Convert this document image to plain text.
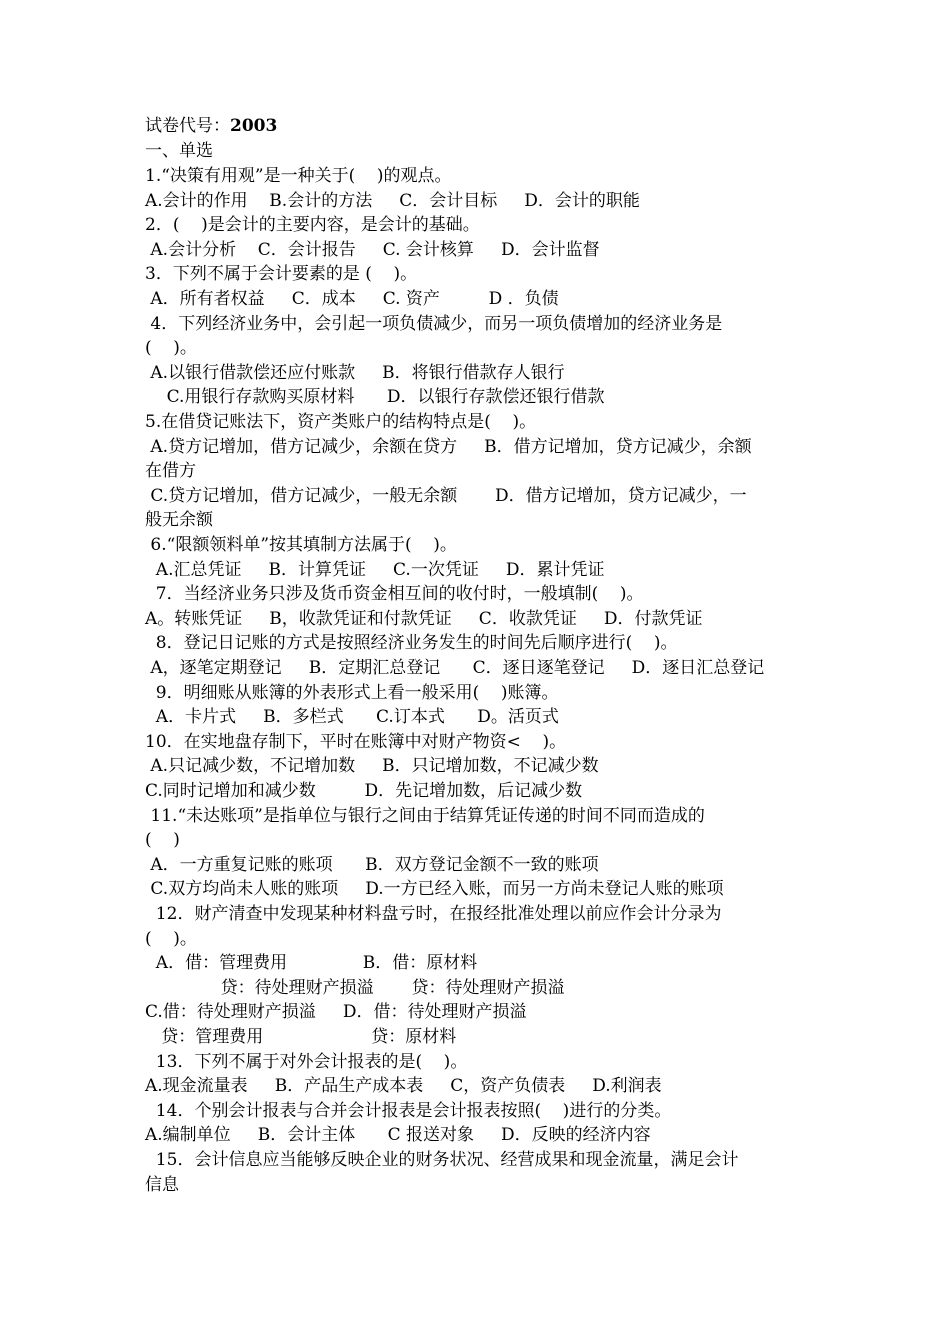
试卷代号：2003
一、单选
1.“决策有用观”是一种关于(    )的观点。
A.会计的作用    B.会计的方法     C．会计目标     D．会计的职能
2．(    )是会计的主要内容，是会计的基础。
A.会计分析    C．会计报告     C. 会计核算     D．会计监督
3．下列不属于会计要素的是 (    )。
A．所有者权益     C．成本     C. 资产         D ．负债
4．下列经济业务中，会引起一项负债减少，而另一项负债增加的经济业务是
(    )。
A.以银行借款偿还应付账款     B．将银行借款存人银行
C.用银行存款购买原材料      D．以银行存款偿还银行借款
5.在借贷记账法下，资产类账户的结构特点是(    )。
A.贷方记增加，借方记减少，余额在贷方     B．借方记增加，贷方记减少，余额
在借方
C.贷方记增加，借方记减少，一般无余额       D．借方记增加，贷方记减少，一
般无余额
6.“限额领料单”按其填制方法属于(    )。
A.汇总凭证     B．计算凭证     C.一次凭证     D．累计凭证
7．当经济业务只涉及货币资金相互间的收付时，一般填制(    )。
A。转账凭证     B，收款凭证和付款凭证     C．收款凭证     D．付款凭证
8．登记日记账的方式是按照经济业务发生的时间先后顺序进行(    )。
A，逐笔定期登记     B．定期汇总登记      C．逐日逐笔登记     D．逐日汇总登记
9．明细账从账簿的外表形式上看一般采用(    )账簿。
A．卡片式     B．多栏式      C.订本式      D。活页式
10．在实地盘存制下，平时在账簿中对财产物资<    )。
A.只记减少数，不记增加数     B．只记增加数，不记减少数
C.同时记增加和减少数         D．先记增加数，后记减少数
11.“未达账项”是指单位与银行之间由于结算凭证传递的时间不同而造成的
(    )
A．一方重复记账的账项      B．双方登记金额不一致的账项
C.双方均尚未人账的账项     D.一方已经入账，而另一方尚未登记人账的账项
12．财产清查中发现某种材料盘亏时，在报经批准处理以前应作会计分录为
(    )。
A．借：管理费用              B．借：原材料
贷：待处理财产损溢       贷：待处理财产损溢
C.借：待处理财产损溢     D．借：待处理财产损溢
贷：管理费用                    贷：原材料
13．下列不属于对外会计报表的是(    )。
A.现金流量表     B．产品生产成本表     C，资产负债表     D.利润表
14．个别会计报表与合并会计报表是会计报表按照(    )进行的分类。
A.编制单位     B．会计主体      C 报送对象     D．反映的经济内容
15．会计信息应当能够反映企业的财务状况、经营成果和现金流量，满足会计
信息
